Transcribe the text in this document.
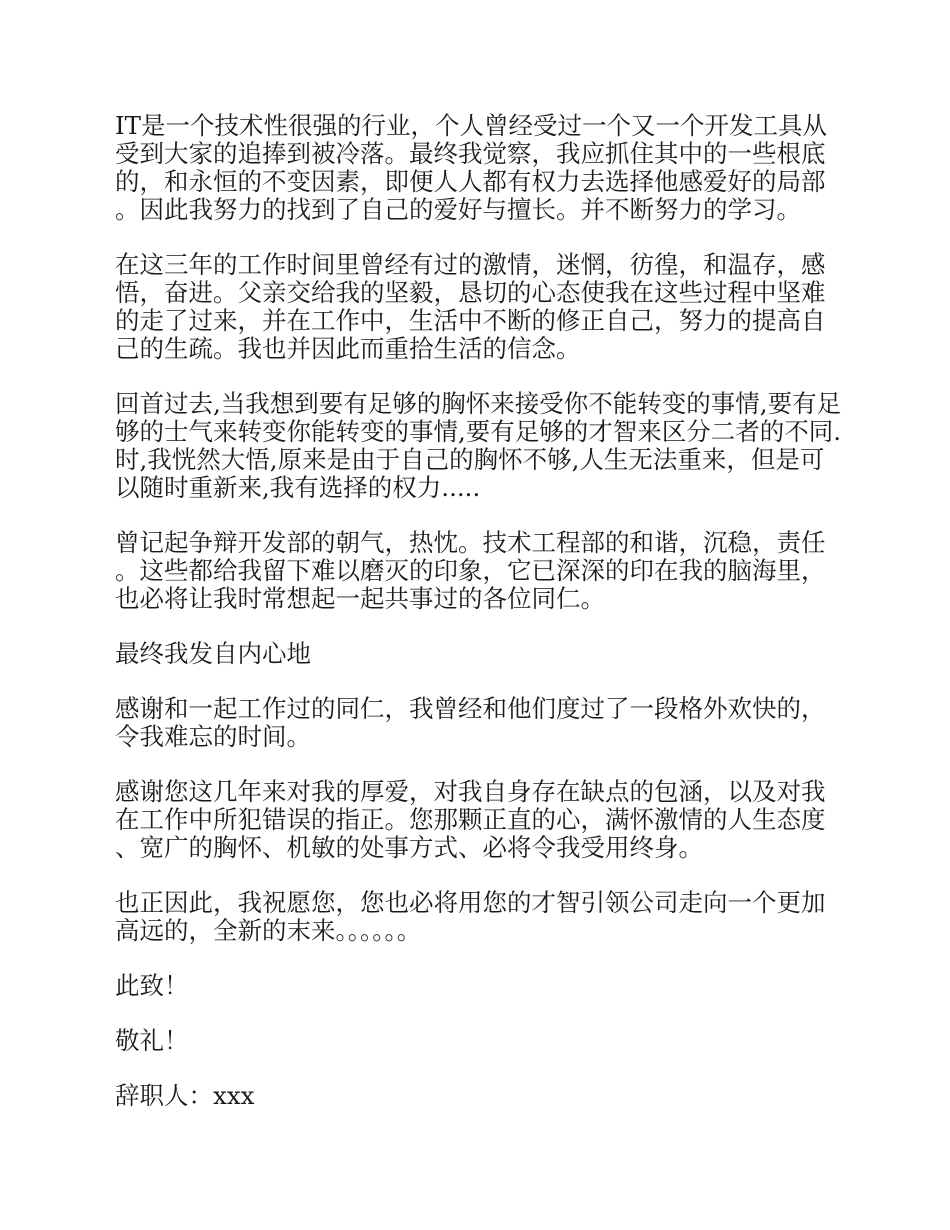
IT是一个技术性很强的行业，个人曾经受过一个又一个开发工具从受到大家的追捧到被冷落。最终我觉察，我应抓住其中的一些根底的，和永恒的不变因素，即便人人都有权力去选择他感爱好的局部。因此我努力的找到了自己的爱好与擅长。并不断努力的学习。

在这三年的工作时间里曾经有过的激情，迷惘，彷徨，和温存，感悟，奋进。父亲交给我的坚毅，恳切的心态使我在这些过程中坚难的走了过来，并在工作中，生活中不断的修正自己，努力的提高自己的生疏。我也并因此而重拾生活的信念。

回首过去,当我想到要有足够的胸怀来接受你不能转变的事情,要有足够的士气来转变你能转变的事情,要有足够的才智来区分二者的不同.时,我恍然大悟,原来是由于自己的胸怀不够,人生无法重来，但是可以随时重新来,我有选择的权力.....

曾记起争辩开发部的朝气，热忱。技术工程部的和谐，沉稳，责任。这些都给我留下难以磨灭的印象，它已深深的印在我的脑海里，也必将让我时常想起一起共事过的各位同仁。

最终我发自内心地

感谢和一起工作过的同仁，我曾经和他们度过了一段格外欢快的，令我难忘的时间。

感谢您这几年来对我的厚爱，对我自身存在缺点的包涵，以及对我在工作中所犯错误的指正。您那颗正直的心，满怀激情的人生态度、宽广的胸怀、机敏的处事方式、必将令我受用终身。

也正因此，我祝愿您，您也必将用您的才智引领公司走向一个更加高远的，全新的末来。。。。。。

此致！

敬礼！

辞职人：xxx
